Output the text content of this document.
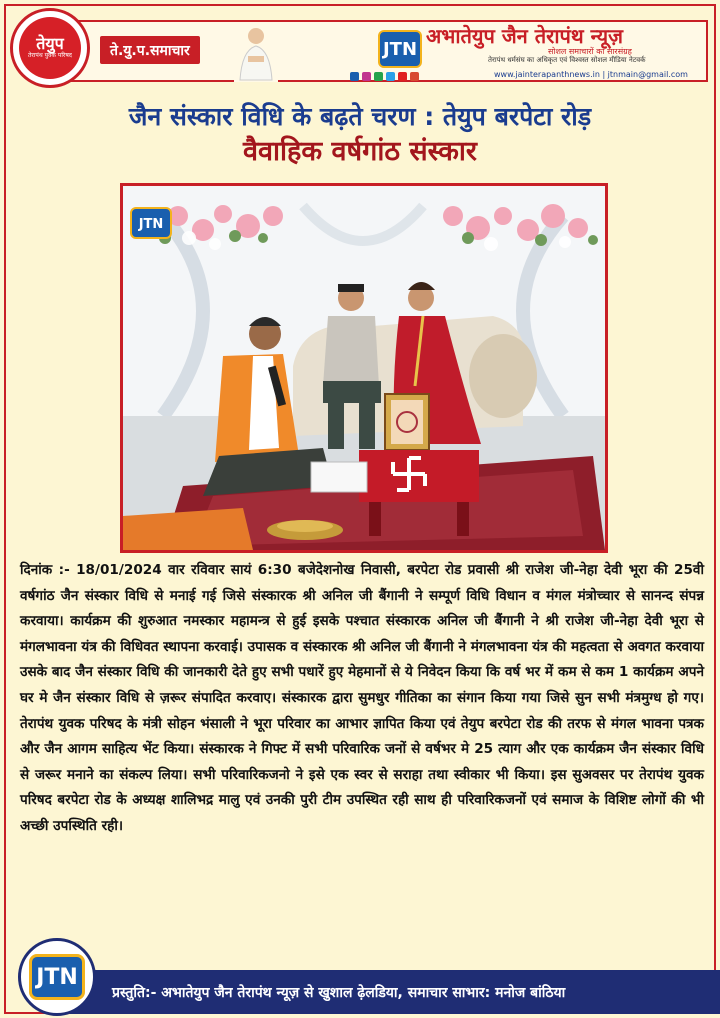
तेयुप
तेरापंथ युवक परिषद	ते.यु.प.समाचार	JTN
अभातेयुप जैन तेरापंथ न्यूज़
सोशल समाचारों का सारसंग्रह
तेरापंथ धर्मसंघ का अधिकृत एवं विश्वस्त सोशल मीडिया नेटवर्क
www.jainterapanthnews.in | jtnmain@gmail.com
जैन संस्कार विधि के बढ़ते चरण : तेयुप बरपेटा रोड़
वैवाहिक वर्षगांठ संस्कार
JTN
दिनांक :- 18/01/2024 वार रविवार सायं 6:30 बजेदेशनोख निवासी, बरपेटा रोड प्रवासी श्री राजेश जी-नेहा देवी भूरा की 25वी वर्षगांठ जैन संस्कार विधि से मनाई गई जिसे संस्कारक श्री अनिल जी बैंगानी ने सम्पूर्ण विधि विधान व मंगल मंत्रोच्चार से सानन्द संपन्न करवाया। कार्यक्रम की शुरुआत नमस्कार महामन्त्र से हुई इसके पश्चात संस्कारक अनिल जी बैंगानी ने श्री राजेश जी-नेहा देवी भूरा से मंगलभावना यंत्र की विधिवत स्थापना करवाई। उपासक व संस्कारक श्री अनिल जी बैंगानी ने मंगलभावना यंत्र की महत्वता से अवगत करवाया उसके बाद जैन संस्कार विधि की जानकारी देते हुए सभी पधारें हुए मेहमानों से ये निवेदन किया कि वर्ष भर में कम से कम 1 कार्यक्रम अपने घर मे जैन संस्कार विधि से ज़रूर संपादित करवाए। संस्कारक द्वारा सुमधुर गीतिका का संगान किया गया जिसे सुन सभी मंत्रमुग्ध हो गए। तेरापंथ युवक परिषद के मंत्री सोहन भंसाली ने भूरा परिवार का आभार ज्ञापित किया एवं तेयुप बरपेटा रोड की तरफ से मंगल भावना पत्रक और जैन आगम साहित्य भेंट किया। संस्कारक ने गिफ्ट में सभी परिवारिक जनों से वर्षभर मे 25 त्याग और एक कार्यक्रम जैन संस्कार विधि से जरूर मनाने का संकल्प लिया। सभी परिवारिकजनो ने इसे एक स्वर से सराहा तथा स्वीकार भी किया। इस सुअवसर पर तेरापंथ युवक परिषद बरपेटा रोड के अध्यक्ष शालिभद्र मालु एवं उनकी पुरी टीम उपस्थित रही साथ ही परिवारिकजनों एवं समाज के विशिष्ट लोगों की भी अच्छी उपस्थिति रही।
प्रस्तुति:- अभातेयुप जैन तेरापंथ न्यूज़ से खुशाल ढ़ेलडिया, समाचार साभार: मनोज बांठिया
JTN
